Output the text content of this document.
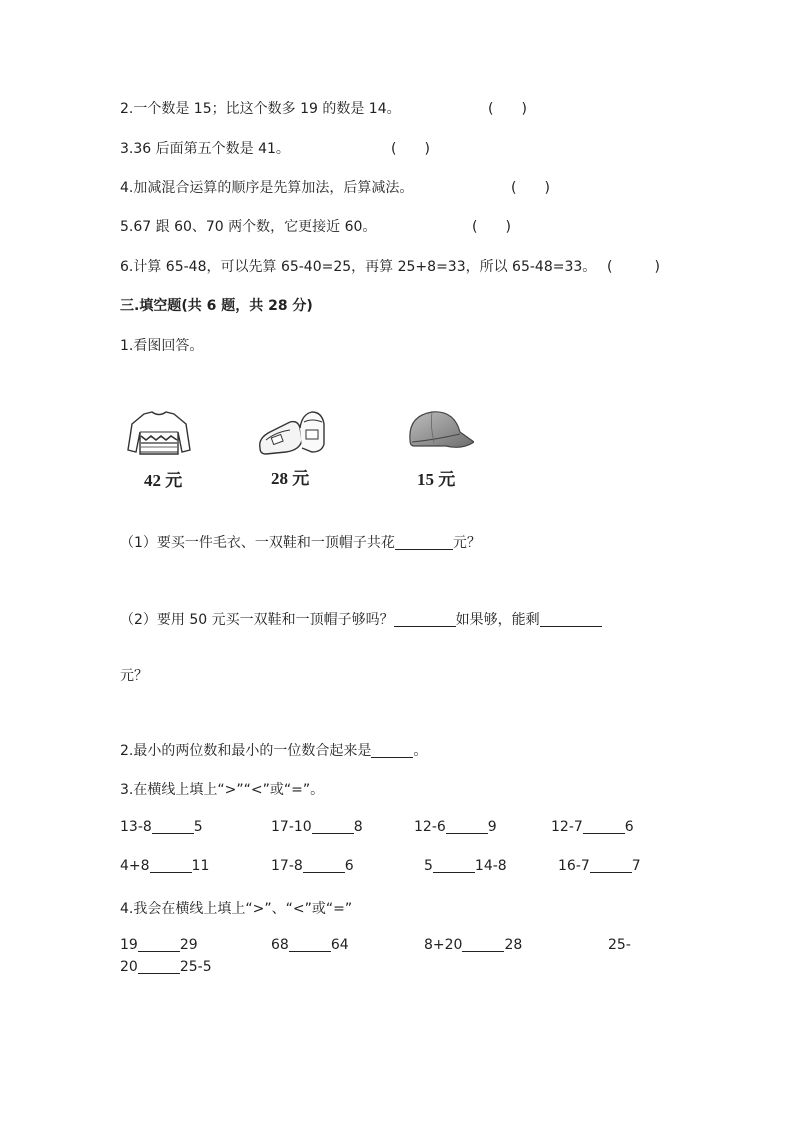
2.一个数是 15；比这个数多 19 的数是 14。	(　　)
3.36 后面第五个数是 41。	(　　)
4.加减混合运算的顺序是先算加法，后算减法。	(　　)
5.67 跟 60、70 两个数，它更接近 60。	(　　)
6.计算 65-48，可以先算 65-40=25，再算 25+8=33，所以 65-48=33。 (　　　)
三.填空题(共 6 题，共 28 分)
1.看图回答。
42 元	28 元	15 元
（1）要买一件毛衣、一双鞋和一顶帽子共花	元？
（2）要用 50 元买一双鞋和一顶帽子够吗？	如果够，能剩
元？
2.最小的两位数和最小的一位数合起来是	。
3.在横线上填上“>”“<”或“=”。
13-8	5	17-10	8	12-6	9	12-7	6
4+8	11	17-8	6	5	14-8	16-7	7
4.我会在横线上填上“>”、“<”或“=”
19	29	68	64	8+20	28	25-
20	25-5
